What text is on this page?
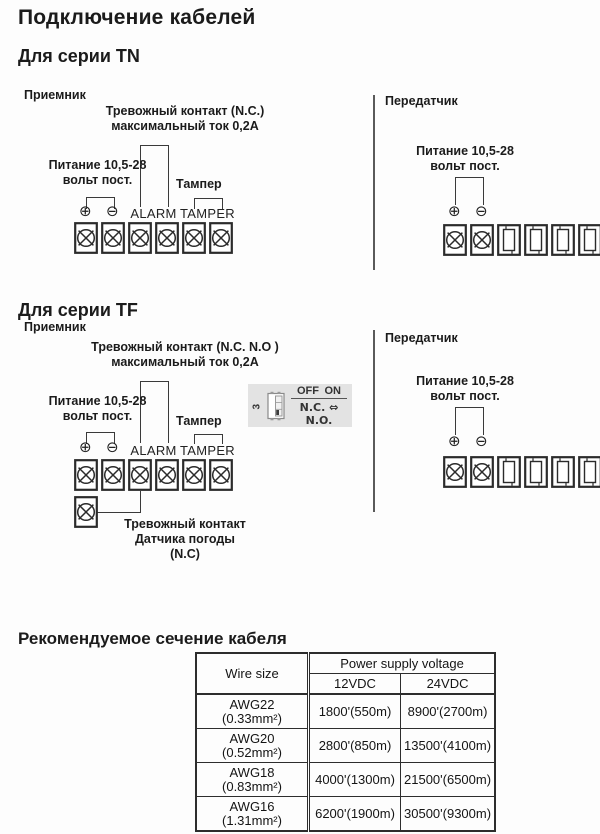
Подключение кабелей
Для серии TN
Приемник
Тревожный контакт (N.C.)
максимальный ток 0,2А
Питание 10,5-28
вольт пост.	Тампер
⊕ ⊖ ALARM TAMPER
Передатчик
Питание 10,5-28
вольт пост.
⊕ ⊖
Для серии TF
Приемник
Тревожный контакт (N.C. N.O )
максимальный ток 0,2А
3
OFF ON
N.C. ⇔ N.O.
Питание 10,5-28
вольт пост.	Тампер
⊕ ⊖ ALARM TAMPER
Тревожный контакт
Датчика погоды
(N.C)
Передатчик
Питание 10,5-28
вольт пост.
⊕ ⊖
Рекомендуемое сечение кабеля
Wire size	Power supply voltage	
	12VDC	24VDC

AWG22
(0.33mm²)	1800'(550m)	8900'(2700m)

AWG20
(0.52mm²)	2800'(850m)	13500'(4100m)

AWG18
(0.83mm²)	4000'(1300m)	21500'(6500m)

AWG16
(1.31mm²)	6200'(1900m)	30500'(9300m)
